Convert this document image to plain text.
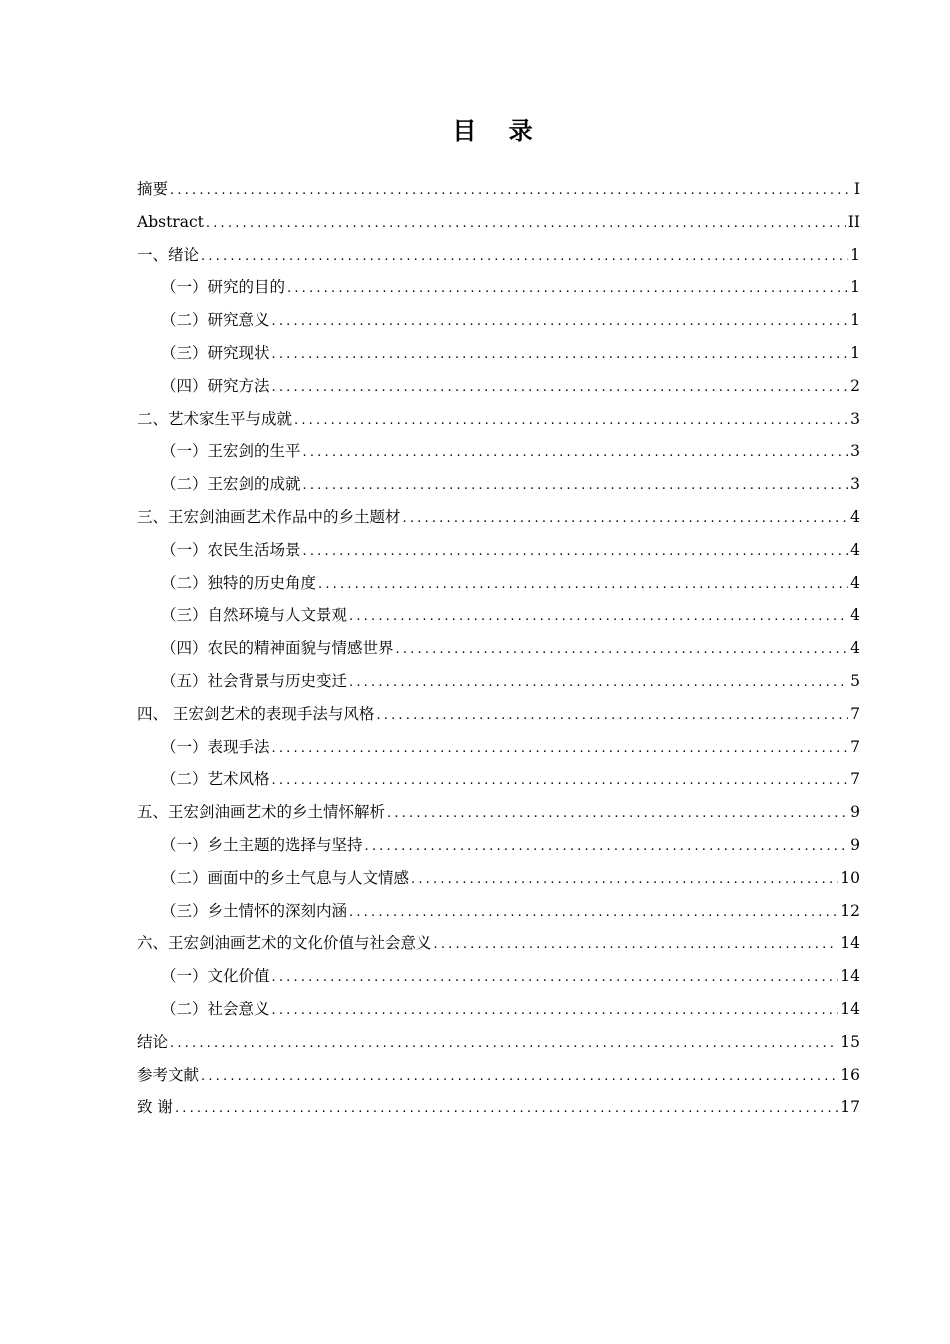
目 录
摘要 .....	I
Abstract .....	II
一、绪论 .....	1
（一）研究的目的 .....	1
（二）研究意义 .....	1
（三）研究现状 .....	1
（四）研究方法 .....	2
二、艺术家生平与成就 .....	3
（一）王宏剑的生平 .....	3
（二）王宏剑的成就 .....	3
三、王宏剑油画艺术作品中的乡土题材 .....	4
（一）农民生活场景 .....	4
（二）独特的历史角度 .....	4
（三）自然环境与人文景观 .....	4
（四）农民的精神面貌与情感世界 .....	4
（五）社会背景与历史变迁 .....	5
四、 王宏剑艺术的表现手法与风格 .....	7
（一）表现手法 .....	7
（二）艺术风格 .....	7
五、王宏剑油画艺术的乡土情怀解析 .....	9
（一）乡土主题的选择与坚持 .....	9
（二）画面中的乡土气息与人文情感 .....	10
（三）乡土情怀的深刻内涵 .....	12
六、王宏剑油画艺术的文化价值与社会意义 .....	14
（一）文化价值 .....	14
（二）社会意义 .....	14
结论 .....	15
参考文献 .....	16
致 谢 .....	17
